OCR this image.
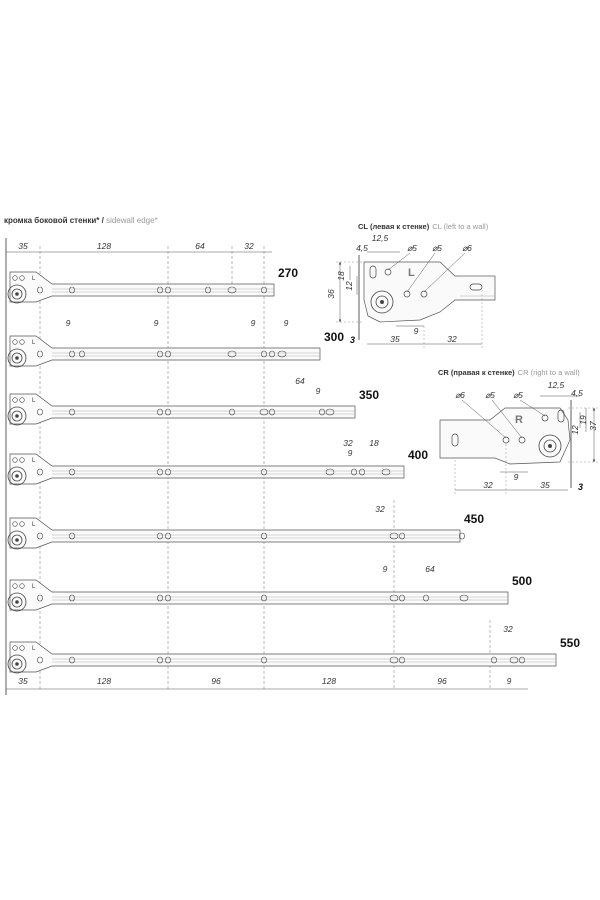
кромка боковой стенки* / sidewall edge*
35	128	64	32
L	270
L	300
L	350
L	400
L	450
L	500
L	550
9	9	9	9
64
9
32 18
9
32
9	64
32
35	128	96	128	96	9
CL (левая к стенке) CL (left to a wall)
L
12,5
4,5	⌀5 ⌀5 ⌀6
18
12
36
9
35	32
3
CR (правая к стенке) CR (right to a wall)
R
12,5
4,5
⌀6 ⌀5 ⌀5
12
19
37
9
32	35	3
